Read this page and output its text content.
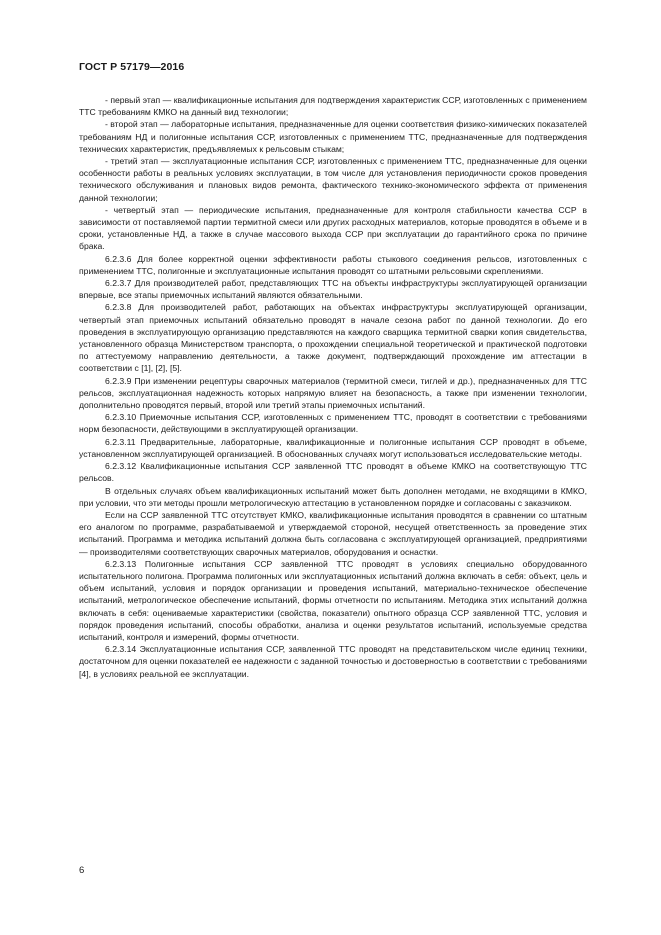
ГОСТ Р 57179—2016

- первый этап — квалификационные испытания для подтверждения характеристик ССР, изготовленных с применением ТТС требованиям КМКО на данный вид технологии;

- второй этап — лабораторные испытания, предназначенные для оценки соответствия физико-химических показателей требованиям НД и полигонные испытания ССР, изготовленных с применением ТТС, предназначенные для подтверждения технических характеристик, предъявляемых к рельсовым стыкам;

- третий этап — эксплуатационные испытания ССР, изготовленных с применением ТТС, предназначенные для оценки особенности работы в реальных условиях эксплуатации, в том числе для установления периодичности сроков проведения технического обслуживания и плановых видов ремонта, фактического технико-экономического эффекта от применения данной технологии;

- четвертый этап — периодические испытания, предназначенные для контроля стабильности качества ССР в зависимости от поставляемой партии термитной смеси или других расходных материалов, которые проводятся в объеме и в сроки, установленные НД, а также в случае массового выхода ССР при эксплуатации до гарантийного срока по причине брака.

6.2.3.6 Для более корректной оценки эффективности работы стыкового соединения рельсов, изготовленных с применением ТТС, полигонные и эксплуатационные испытания проводят со штатными рельсовыми скреплениями.

6.2.3.7 Для производителей работ, представляющих ТТС на объекты инфраструктуры эксплуатирующей организации впервые, все этапы приемочных испытаний являются обязательными.

6.2.3.8 Для производителей работ, работающих на объектах инфраструктуры эксплуатирующей организации, четвертый этап приемочных испытаний обязательно проводят в начале сезона работ по данной технологии. До его проведения в эксплуатирующую организацию представляются на каждого сварщика термитной сварки копия свидетельства, установленного образца Министерством транспорта, о прохождении специальной теоретической и практической подготовки по аттестуемому направлению деятельности, а также документ, подтверждающий прохождение им аттестации в соответствии с [1], [2], [5].

6.2.3.9 При изменении рецептуры сварочных материалов (термитной смеси, тиглей и др.), предназначенных для ТТС рельсов, эксплуатационная надежность которых напрямую влияет на безопасность, а также при изменении технологии, дополнительно проводятся первый, второй или третий этапы приемочных испытаний.

6.2.3.10 Приемочные испытания ССР, изготовленных с применением ТТС, проводят в соответствии с требованиями норм безопасности, действующими в эксплуатирующей организации.

6.2.3.11 Предварительные, лабораторные, квалификационные и полигонные испытания ССР проводят в объеме, установленном эксплуатирующей организацией. В обоснованных случаях могут использоваться исследовательские методы.

6.2.3.12 Квалификационные испытания ССР заявленной ТТС проводят в объеме КМКО на соответствующую ТТС рельсов.

В отдельных случаях объем квалификационных испытаний может быть дополнен методами, не входящими в КМКО, при условии, что эти методы прошли метрологическую аттестацию в установленном порядке и согласованы с заказчиком.

Если на ССР заявленной ТТС отсутствует КМКО, квалификационные испытания проводятся в сравнении со штатным его аналогом по программе, разрабатываемой и утверждаемой стороной, несущей ответственность за проведение этих испытаний. Программа и методика испытаний должна быть согласована с эксплуатирующей организацией, предприятиями — производителями соответствующих сварочных материалов, оборудования и оснастки.

6.2.3.13 Полигонные испытания ССР заявленной ТТС проводят в условиях специально оборудованного испытательного полигона. Программа полигонных или эксплуатационных испытаний должна включать в себя: объект, цель и объем испытаний, условия и порядок организации и проведения испытаний, материально-техническое обеспечение испытаний, метрологическое обеспечение испытаний, формы отчетности по испытаниям. Методика этих испытаний должна включать в себя: оцениваемые характеристики (свойства, показатели) опытного образца ССР заявленной ТТС, условия и порядок проведения испытаний, способы обработки, анализа и оценки результатов испытаний, используемые средства испытаний, контроля и измерений, формы отчетности.

6.2.3.14 Эксплуатационные испытания ССР, заявленной ТТС проводят на представительском числе единиц техники, достаточном для оценки показателей ее надежности с заданной точностью и достоверностью в соответствии с требованиями [4], в условиях реальной ее эксплуатации.

6
